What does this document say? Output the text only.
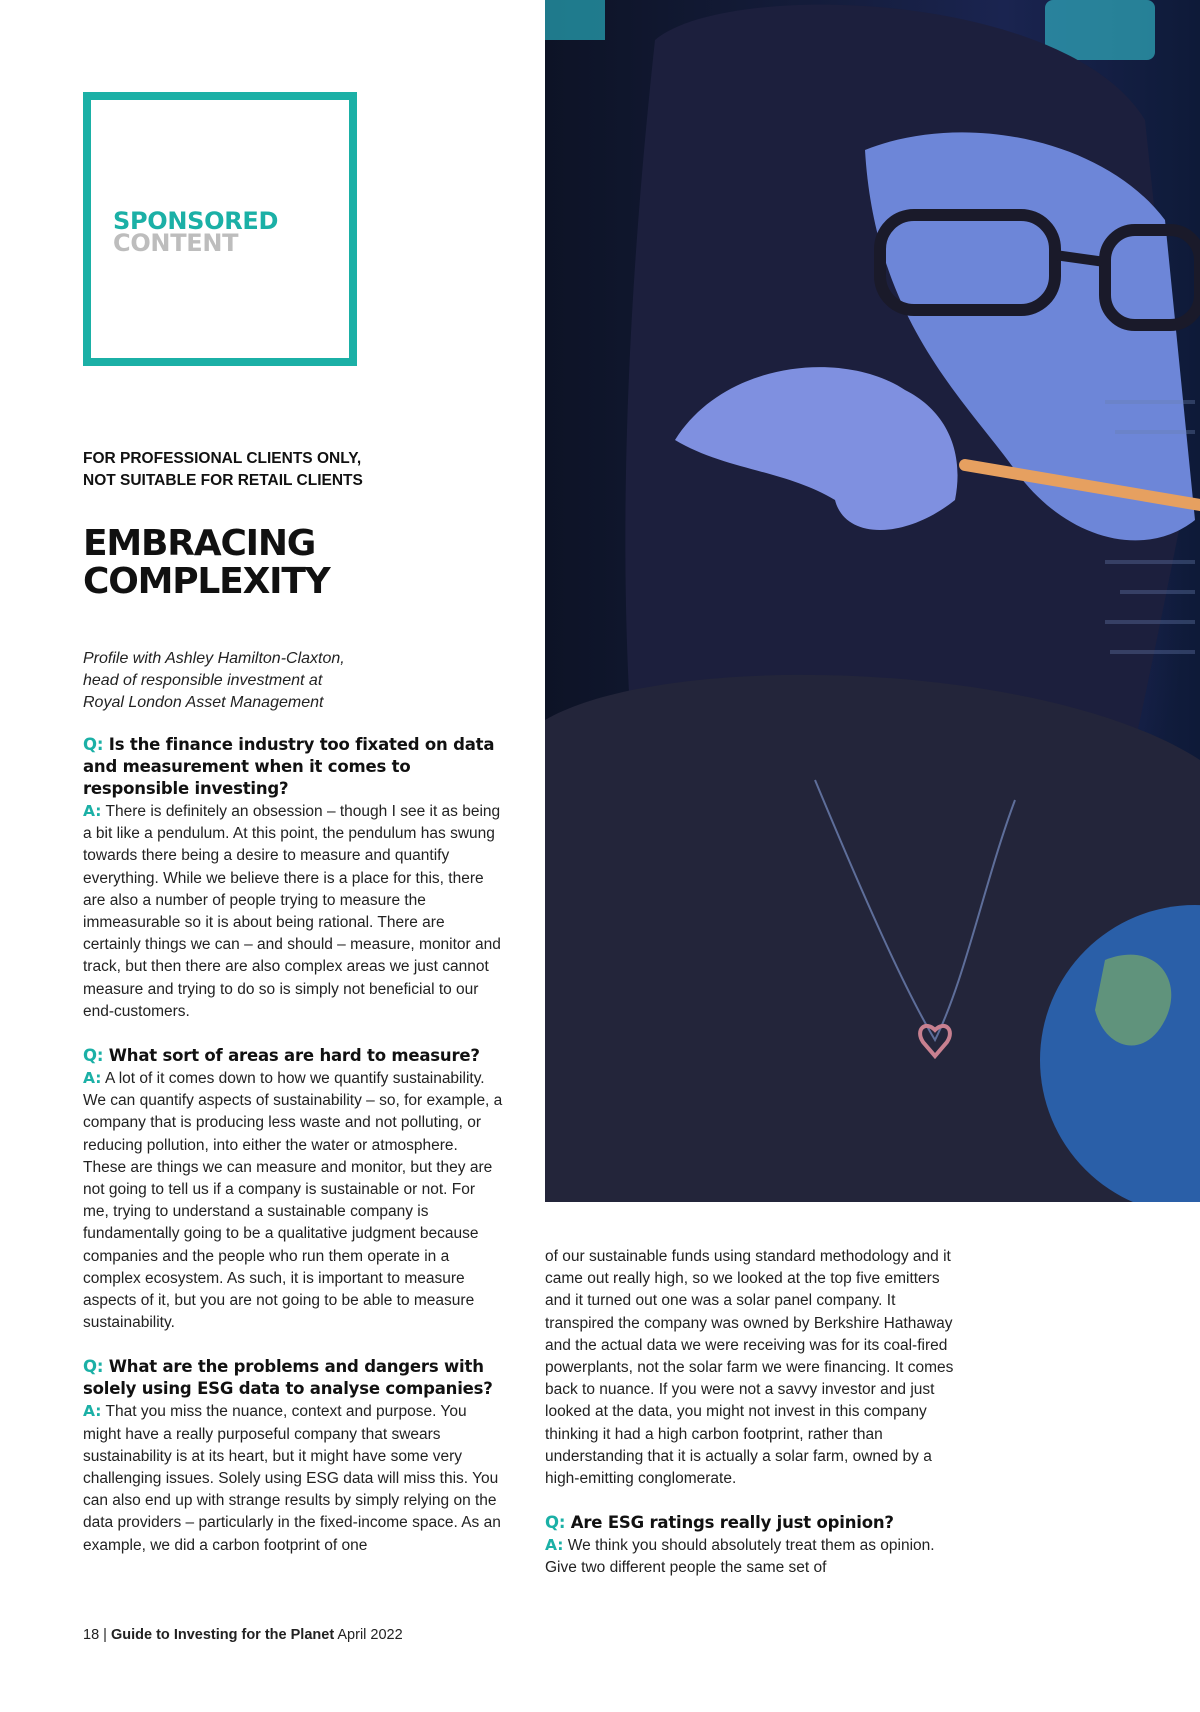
SPONSORED
CONTENT
FOR PROFESSIONAL CLIENTS ONLY,
NOT SUITABLE FOR RETAIL CLIENTS
EMBRACING
COMPLEXITY
Profile with Ashley Hamilton-Claxton,
head of responsible investment at
Royal London Asset Management
Q: Is the finance industry too fixated on data and measurement when it comes to responsible investing?

A: There is definitely an obsession – though I see it as being a bit like a pendulum. At this point, the pendulum has swung towards there being a desire to measure and quantify everything. While we believe there is a place for this, there are also a number of people trying to measure the immeasurable so it is about being rational. There are certainly things we can – and should – measure, monitor and track, but then there are also complex areas we just cannot measure and trying to do so is simply not beneficial to our end-customers.

Q: What sort of areas are hard to measure?

A: A lot of it comes down to how we quantify sustainability. We can quantify aspects of sustainability – so, for example, a company that is producing less waste and not polluting, or reducing pollution, into either the water or atmosphere. These are things we can measure and monitor, but they are not going to tell us if a company is sustainable or not. For me, trying to understand a sustainable company is fundamentally going to be a qualitative judgment because companies and the people who run them operate in a complex ecosystem. As such, it is important to measure aspects of it, but you are not going to be able to measure sustainability.

Q: What are the problems and dangers with solely using ESG data to analyse companies?

A: That you miss the nuance, context and purpose. You might have a really purposeful company that swears sustainability is at its heart, but it might have some very challenging issues. Solely using ESG data will miss this. You can also end up with strange results by simply relying on the data providers – particularly in the fixed-income space. As an example, we did a carbon footprint of one

of our sustainable funds using standard methodology and it came out really high, so we looked at the top five emitters and it turned out one was a solar panel company. It transpired the company was owned by Berkshire Hathaway and the actual data we were receiving was for its coal-fired powerplants, not the solar farm we were financing. It comes back to nuance. If you were not a savvy investor and just looked at the data, you might not invest in this company thinking it had a high carbon footprint, rather than understanding that it is actually a solar farm, owned by a high-emitting conglomerate.

Q: Are ESG ratings really just opinion?

A: We think you should absolutely treat them as opinion. Give two different people the same set of

18 | Guide to Investing for the Planet April 2022
